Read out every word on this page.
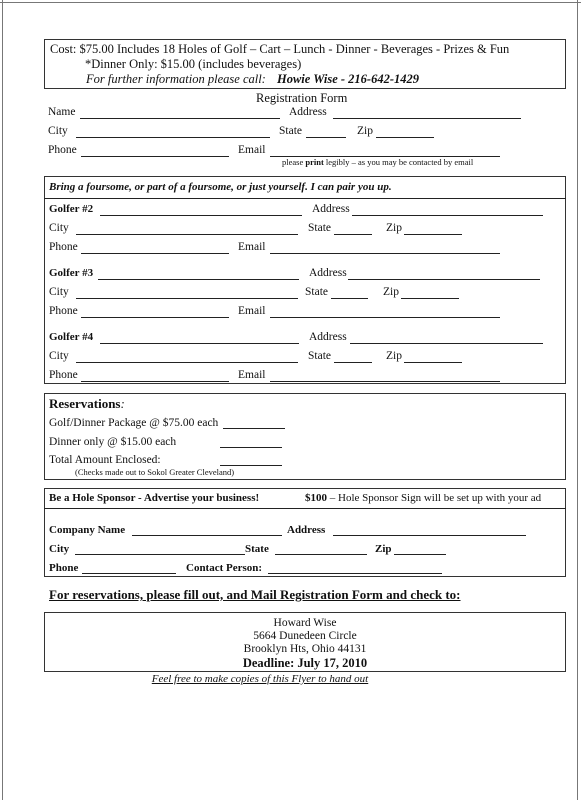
Cost: $75.00 Includes 18 Holes of Golf – Cart – Lunch - Dinner - Beverages - Prizes & Fun
*Dinner Only: $15.00 (includes beverages)
For further information please call: Howie Wise - 216-642-1429
Registration Form
Name	Address
City	State	Zip
Phone	Email
please print legibly – as you may be contacted by email
Bring a foursome, or part of a foursome, or just yourself. I can pair you up.
Golfer #2	Address
City	State	Zip
Phone	Email
Golfer #3	Address
City	State	Zip
Phone	Email
Golfer #4	Address
City	State	Zip
Phone	Email
Reservations:
Golf/Dinner Package @ $75.00 each
Dinner only @ $15.00 each
Total Amount Enclosed:
(Checks made out to Sokol Greater Cleveland)
Be a Hole Sponsor - Advertise your business!	$100 – Hole Sponsor Sign will be set up with your ad
Company Name	Address
City	State	Zip
Phone	Contact Person:
For reservations, please fill out, and Mail Registration Form and check to:
Howard Wise
5664 Dunedeen Circle
Brooklyn Hts, Ohio 44131
Deadline: July 17, 2010
Feel free to make copies of this Flyer to hand out
